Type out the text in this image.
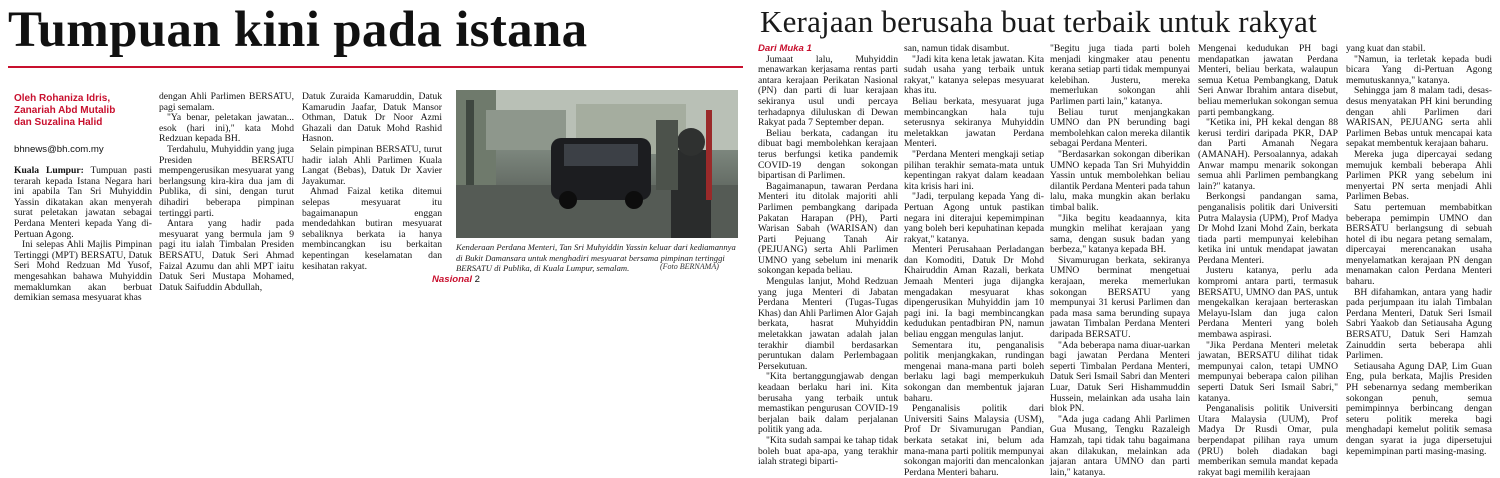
Tumpuan kini pada istana
Oleh Rohaniza Idris,
Zanariah Abd Mutalib
dan Suzalina Halid
bhnews@bh.com.my

Kuala Lumpur: Tumpuan pasti terarah kepada Istana Negara hari ini apabila Tan Sri Muhyiddin Yassin dikatakan akan menyerah surat peletakan jawatan sebagai Perdana Menteri kepada Yang di-Pertuan Agong.

Ini selepas Ahli Majlis Pimpinan Tertinggi (MPT) BERSATU, Datuk Seri Mohd Redzuan Md Yusof, mengesahkan bahawa Muhyiddin memaklumkan akan berbuat demikian semasa mesyuarat khas

dengan Ahli Parlimen BERSATU, pagi semalam.

"Ya benar, peletakan jawatan... esok (hari ini)," kata Mohd Redzuan kepada BH.

Terdahulu, Muhyiddin yang juga Presiden BERSATU mempengerusikan mesyuarat yang berlangsung kira-kira dua jam di Publika, di sini, dengan turut dihadiri beberapa pimpinan tertinggi parti.

Antara yang hadir pada mesyuarat yang bermula jam 9 pagi itu ialah Timbalan Presiden BERSATU, Datuk Seri Ahmad Faizal Azumu dan ahli MPT iaitu Datuk Seri Mustapa Mohamed, Datuk Saifuddin Abdullah,

Datuk Zuraida Kamaruddin, Datuk Kamarudin Jaafar, Datuk Mansor Othman, Datuk Dr Noor Azmi Ghazali dan Datuk Mohd Rashid Hasnon.

Selain pimpinan BERSATU, turut hadir ialah Ahli Parlimen Kuala Langat (Bebas), Datuk Dr Xavier Jayakumar.

Ahmad Faizal ketika ditemui selepas mesyuarat itu bagaimanapun enggan mendedahkan butiran mesyuarat sebaliknya berkata ia hanya membincangkan isu berkaitan kepentingan keselamatan dan kesihatan rakyat.

Kenderaan Perdana Menteri, Tan Sri Muhyiddin Yassin keluar dari kediamannya di Bukit Damansara untuk menghadiri mesyuarat bersama pimpinan tertinggi BERSATU di Publika, di Kuala Lumpur, semalam.	(Foto BERNAMA)
Nasional 2
Kerajaan berusaha buat terbaik untuk rakyat

Dari Muka 1

Jumaat lalu, Muhyiddin menawarkan kerjasama rentas parti antara kerajaan Perikatan Nasional (PN) dan parti di luar kerajaan sekiranya usul undi percaya terhadapnya diluluskan di Dewan Rakyat pada 7 September depan.

Beliau berkata, cadangan itu dibuat bagi membolehkan kerajaan terus berfungsi ketika pandemik COVID-19 dengan sokongan bipartisan di Parlimen.

Bagaimanapun, tawaran Perdana Menteri itu ditolak majoriti ahli Parlimen pembangkang daripada Pakatan Harapan (PH), Parti Warisan Sabah (WARISAN) dan Parti Pejuang Tanah Air (PEJUANG) serta Ahli Parlimen UMNO yang sebelum ini menarik sokongan kepada beliau.

Mengulas lanjut, Mohd Redzuan yang juga Menteri di Jabatan Perdana Menteri (Tugas-Tugas Khas) dan Ahli Parlimen Alor Gajah berkata, hasrat Muhyiddin meletakkan jawatan adalah jalan terakhir diambil berdasarkan peruntukan dalam Perlembagaan Persekutuan.

"Kita bertanggungjawab dengan keadaan berlaku hari ini. Kita berusaha yang terbaik untuk memastikan pengurusan COVID-19 berjalan baik dalam perjalanan politik yang ada.

"Kita sudah sampai ke tahap tidak boleh buat apa-apa, yang terakhir ialah strategi biparti-

san, namun tidak disambut.

"Jadi kita kena letak jawatan. Kita sudah usaha yang terbaik untuk rakyat," katanya selepas mesyuarat khas itu.

Beliau berkata, mesyuarat juga membincangkan hala tuju seterusnya sekiranya Muhyiddin meletakkan jawatan Perdana Menteri.

"Perdana Menteri mengkaji setiap pilihan terakhir semata-mata untuk kepentingan rakyat dalam keadaan kita krisis hari ini.

"Jadi, terpulang kepada Yang di-Pertuan Agong untuk pastikan negara ini diterajui kepemimpinan yang boleh beri kepuhatinan kepada rakyat," katanya.

Menteri Perusahaan Perladangan dan Komoditi, Datuk Dr Mohd Khairuddin Aman Razali, berkata Jemaah Menteri juga dijangka mengadakan mesyuarat khas dipengerusikan Muhyiddin jam 10 pagi ini. Ia bagi membincangkan kedudukan pentadbiran PN, namun beliau enggan mengulas lanjut.

Sementara itu, penganalisis politik menjangkakan, rundingan mengenai mana-mana parti boleh berlaku lagi bagi memperkukuh sokongan dan membentuk jajaran baharu.

Penganalisis politik dari Universiti Sains Malaysia (USM), Prof Dr Sivamurugan Pandian, berkata setakat ini, belum ada mana-mana parti politik mempunyai sokongan majoriti dan mencalonkan Perdana Menteri baharu.

"Begitu juga tiada parti boleh menjadi kingmaker atau penentu kerana setiap parti tidak mempunyai kelebihan. Justeru, mereka memerlukan sokongan ahli Parlimen parti lain," katanya.

Beliau turut menjangkakan UMNO dan PN berunding bagi membolehkan calon mereka dilantik sebagai Perdana Menteri.

"Berdasarkan sokongan diberikan UMNO kepada Tan Sri Muhyiddin Yassin untuk membolehkan beliau dilantik Perdana Menteri pada tahun lalu, maka mungkin akan berlaku timbal balik.

"Jika begitu keadaannya, kita mungkin melihat kerajaan yang sama, dengan susuk badan yang berbeza," katanya kepada BH.

Sivamurugan berkata, sekiranya UMNO berminat mengetuai kerajaan, mereka memerlukan sokongan BERSATU yang mempunyai 31 kerusi Parlimen dan pada masa sama berunding supaya jawatan Timbalan Perdana Menteri daripada BERSATU.

"Ada beberapa nama diuar-uarkan bagi jawatan Perdana Menteri seperti Timbalan Perdana Menteri, Datuk Seri Ismail Sabri dan Menteri Luar, Datuk Seri Hishammuddin Hussein, melainkan ada usaha lain blok PN.

"Ada juga cadang Ahli Parlimen Gua Musang, Tengku Razaleigh Hamzah, tapi tidak tahu bagaimana akan dilakukan, melainkan ada jajaran antara UMNO dan parti lain," katanya.

Mengenai kedudukan PH bagi mendapatkan jawatan Perdana Menteri, beliau berkata, walaupun semua Ketua Pembangkang, Datuk Seri Anwar Ibrahim antara disebut, beliau memerlukan sokongan semua parti pembangkang.

"Ketika ini, PH kekal dengan 88 kerusi terdiri daripada PKR, DAP dan Parti Amanah Negara (AMANAH). Persoalannya, adakah Anwar mampu menarik sokongan semua ahli Parlimen pembangkang lain?" katanya.

Berkongsi pandangan sama, penganalisis politik dari Universiti Putra Malaysia (UPM), Prof Madya Dr Mohd Izani Mohd Zain, berkata tiada parti mempunyai kelebihan ketika ini untuk mendapat jawatan Perdana Menteri.

Justeru katanya, perlu ada kompromi antara parti, termasuk BERSATU, UMNO dan PAS, untuk mengekalkan kerajaan berteraskan Melayu-Islam dan juga calon Perdana Menteri yang boleh membawa aspirasi.

"Jika Perdana Menteri meletak jawatan, BERSATU dilihat tidak mempunyai calon, tetapi UMNO mempunyai beberapa calon pilihan seperti Datuk Seri Ismail Sabri," katanya.

Penganalisis politik Universiti Utara Malaysia (UUM), Prof Madya Dr Rusdi Omar, pula berpendapat pilihan raya umum (PRU) boleh diadakan bagi memberikan semula mandat kepada rakyat bagi memilih kerajaan

yang kuat dan stabil.

"Namun, ia terletak kepada budi bicara Yang di-Pertuan Agong memutuskannya," katanya.

Sehingga jam 8 malam tadi, desas-desus menyatakan PH kini berunding dengan ahli Parlimen dari WARISAN, PEJUANG serta ahli Parlimen Bebas untuk mencapai kata sepakat membentuk kerajaan baharu.

Mereka juga dipercayai sedang memujuk kembali beberapa Ahli Parlimen PKR yang sebelum ini menyertai PN serta menjadi Ahli Parlimen Bebas.

Satu pertemuan membabitkan beberapa pemimpin UMNO dan BERSATU berlangsung di sebuah hotel di ibu negara petang semalam, dipercayai merencanakan usaha menyelamatkan kerajaan PN dengan menamakan calon Perdana Menteri baharu.

BH difahamkan, antara yang hadir pada perjumpaan itu ialah Timbalan Perdana Menteri, Datuk Seri Ismail Sabri Yaakob dan Setiausaha Agung BERSATU, Datuk Seri Hamzah Zainuddin serta beberapa ahli Parlimen.

Setiausaha Agung DAP, Lim Guan Eng, pula berkata, Majlis Presiden PH sebenarnya sedang memberikan sokongan penuh, semua pemimpinnya berbincang dengan seteru politik mereka bagi menghadapi kemelut politik semasa dengan syarat ia juga dipersetujui kepemimpinan parti masing-masing.
